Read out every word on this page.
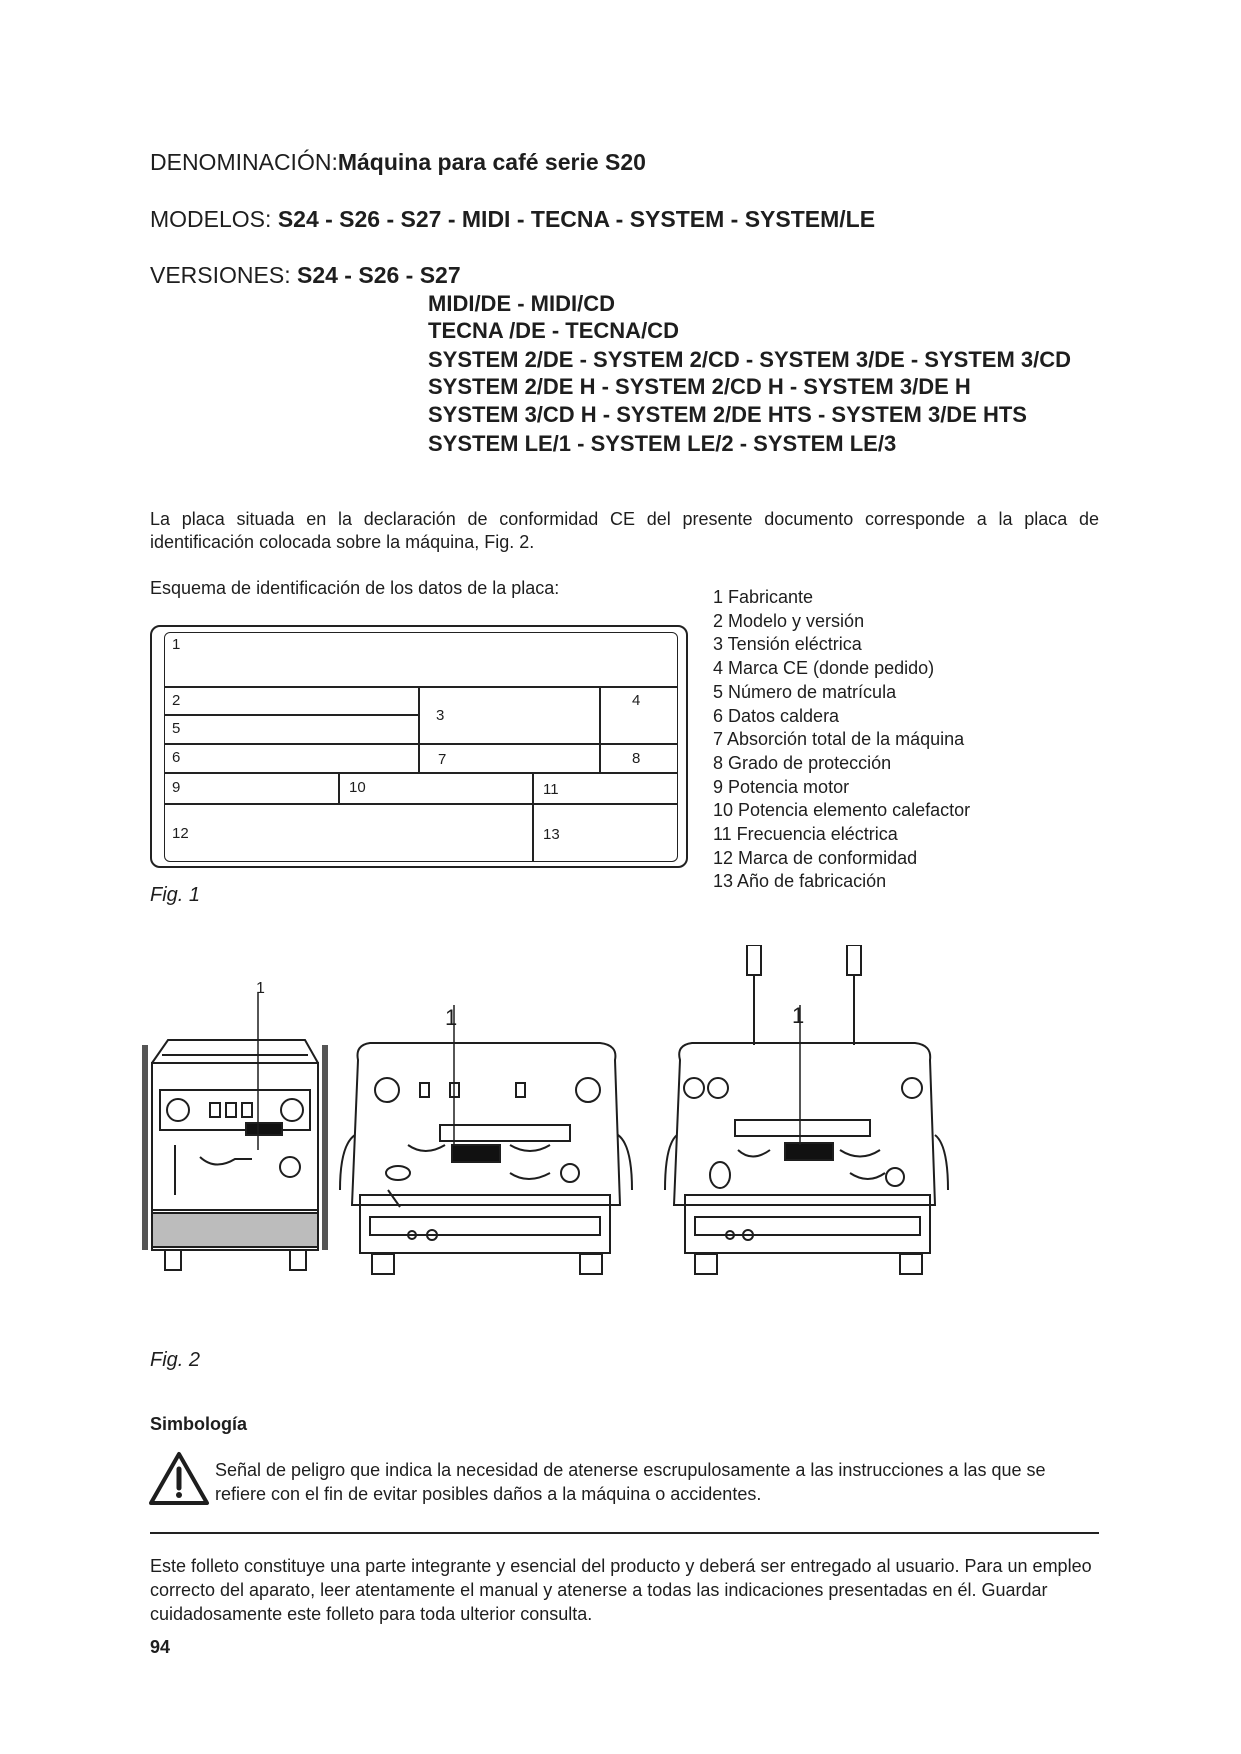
DENOMINACIÓN:Máquina para café serie S20
MODELOS: S24 - S26 - S27 - MIDI - TECNA - SYSTEM - SYSTEM/LE
VERSIONES: S24 - S26 - S27
MIDI/DE - MIDI/CD
TECNA /DE - TECNA/CD
SYSTEM 2/DE - SYSTEM 2/CD - SYSTEM 3/DE - SYSTEM 3/CD
SYSTEM 2/DE H - SYSTEM 2/CD H - SYSTEM 3/DE H
SYSTEM 3/CD H - SYSTEM 2/DE HTS - SYSTEM 3/DE HTS
SYSTEM LE/1 - SYSTEM LE/2 - SYSTEM LE/3
La placa situada en la declaración de conformidad CE del presente documento corresponde a la placa de identificación colocada sobre la máquina, Fig. 2.
Esquema de identificación de los datos de la placa:
1
2
3
4
5
6	7	8
9	10	11
12	13
Fig. 1
1 Fabricante
2 Modelo y versión
3 Tensión eléctrica
4 Marca CE (donde pedido)
5 Número de matrícula
6 Datos caldera
7 Absorción total de la máquina
8 Grado de protección
9 Potencia motor
10 Potencia elemento calefactor
11 Frecuencia eléctrica
12 Marca de conformidad
13 Año de fabricación
1
1	1
Fig. 2
Simbología
Señal de peligro que indica la necesidad de atenerse escrupulosamente a las instrucciones a las que se refiere con el fin de evitar posibles daños a la máquina o accidentes.
Este folleto constituye una parte integrante y esencial del producto y deberá ser entregado al usuario. Para un empleo correcto del aparato, leer atentamente el manual y atenerse a todas las indicaciones presentadas en él. Guardar cuidadosamente este folleto para toda ulterior consulta.
94
